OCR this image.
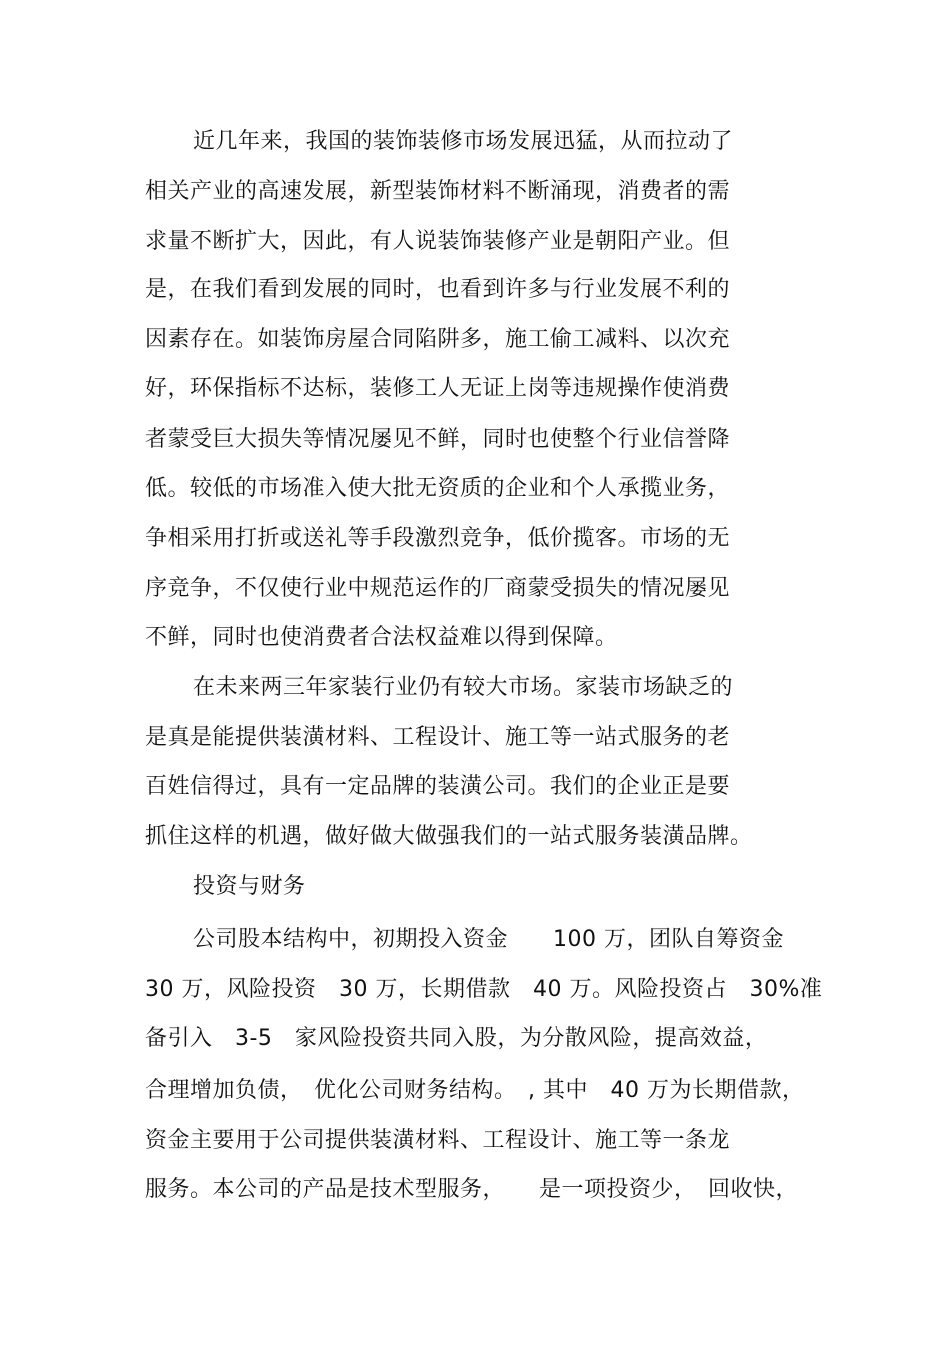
近几年来，我国的装饰装修市场发展迅猛，从而拉动了
相关产业的高速发展，新型装饰材料不断涌现，消费者的需
求量不断扩大，因此，有人说装饰装修产业是朝阳产业。但
是，在我们看到发展的同时，也看到许多与行业发展不利的
因素存在。如装饰房屋合同陷阱多，施工偷工减料、以次充
好，环保指标不达标，装修工人无证上岗等违规操作使消费
者蒙受巨大损失等情况屡见不鲜，同时也使整个行业信誉降
低。较低的市场准入使大批无资质的企业和个人承揽业务，
争相采用打折或送礼等手段激烈竞争，低价揽客。市场的无
序竞争，不仅使行业中规范运作的厂商蒙受损失的情况屡见
不鲜，同时也使消费者合法权益难以得到保障。
在未来两三年家装行业仍有较大市场。家装市场缺乏的
是真是能提供装潢材料、工程设计、施工等一站式服务的老
百姓信得过，具有一定品牌的装潢公司。我们的企业正是要
抓住这样的机遇，做好做大做强我们的一站式服务装潢品牌。
投资与财务
公司股本结构中，初期投入资金　　100 万，团队自筹资金
30 万，风险投资　30 万，长期借款　40 万。风险投资占　30%准
备引入　3-5　家风险投资共同入股，为分散风险，提高效益，
合理增加负债，　优化公司财务结构。　, 其中　40 万为长期借款，
资金主要用于公司提供装潢材料、工程设计、施工等一条龙
服务。本公司的产品是技术型服务，　　是一项投资少，　回收快，
